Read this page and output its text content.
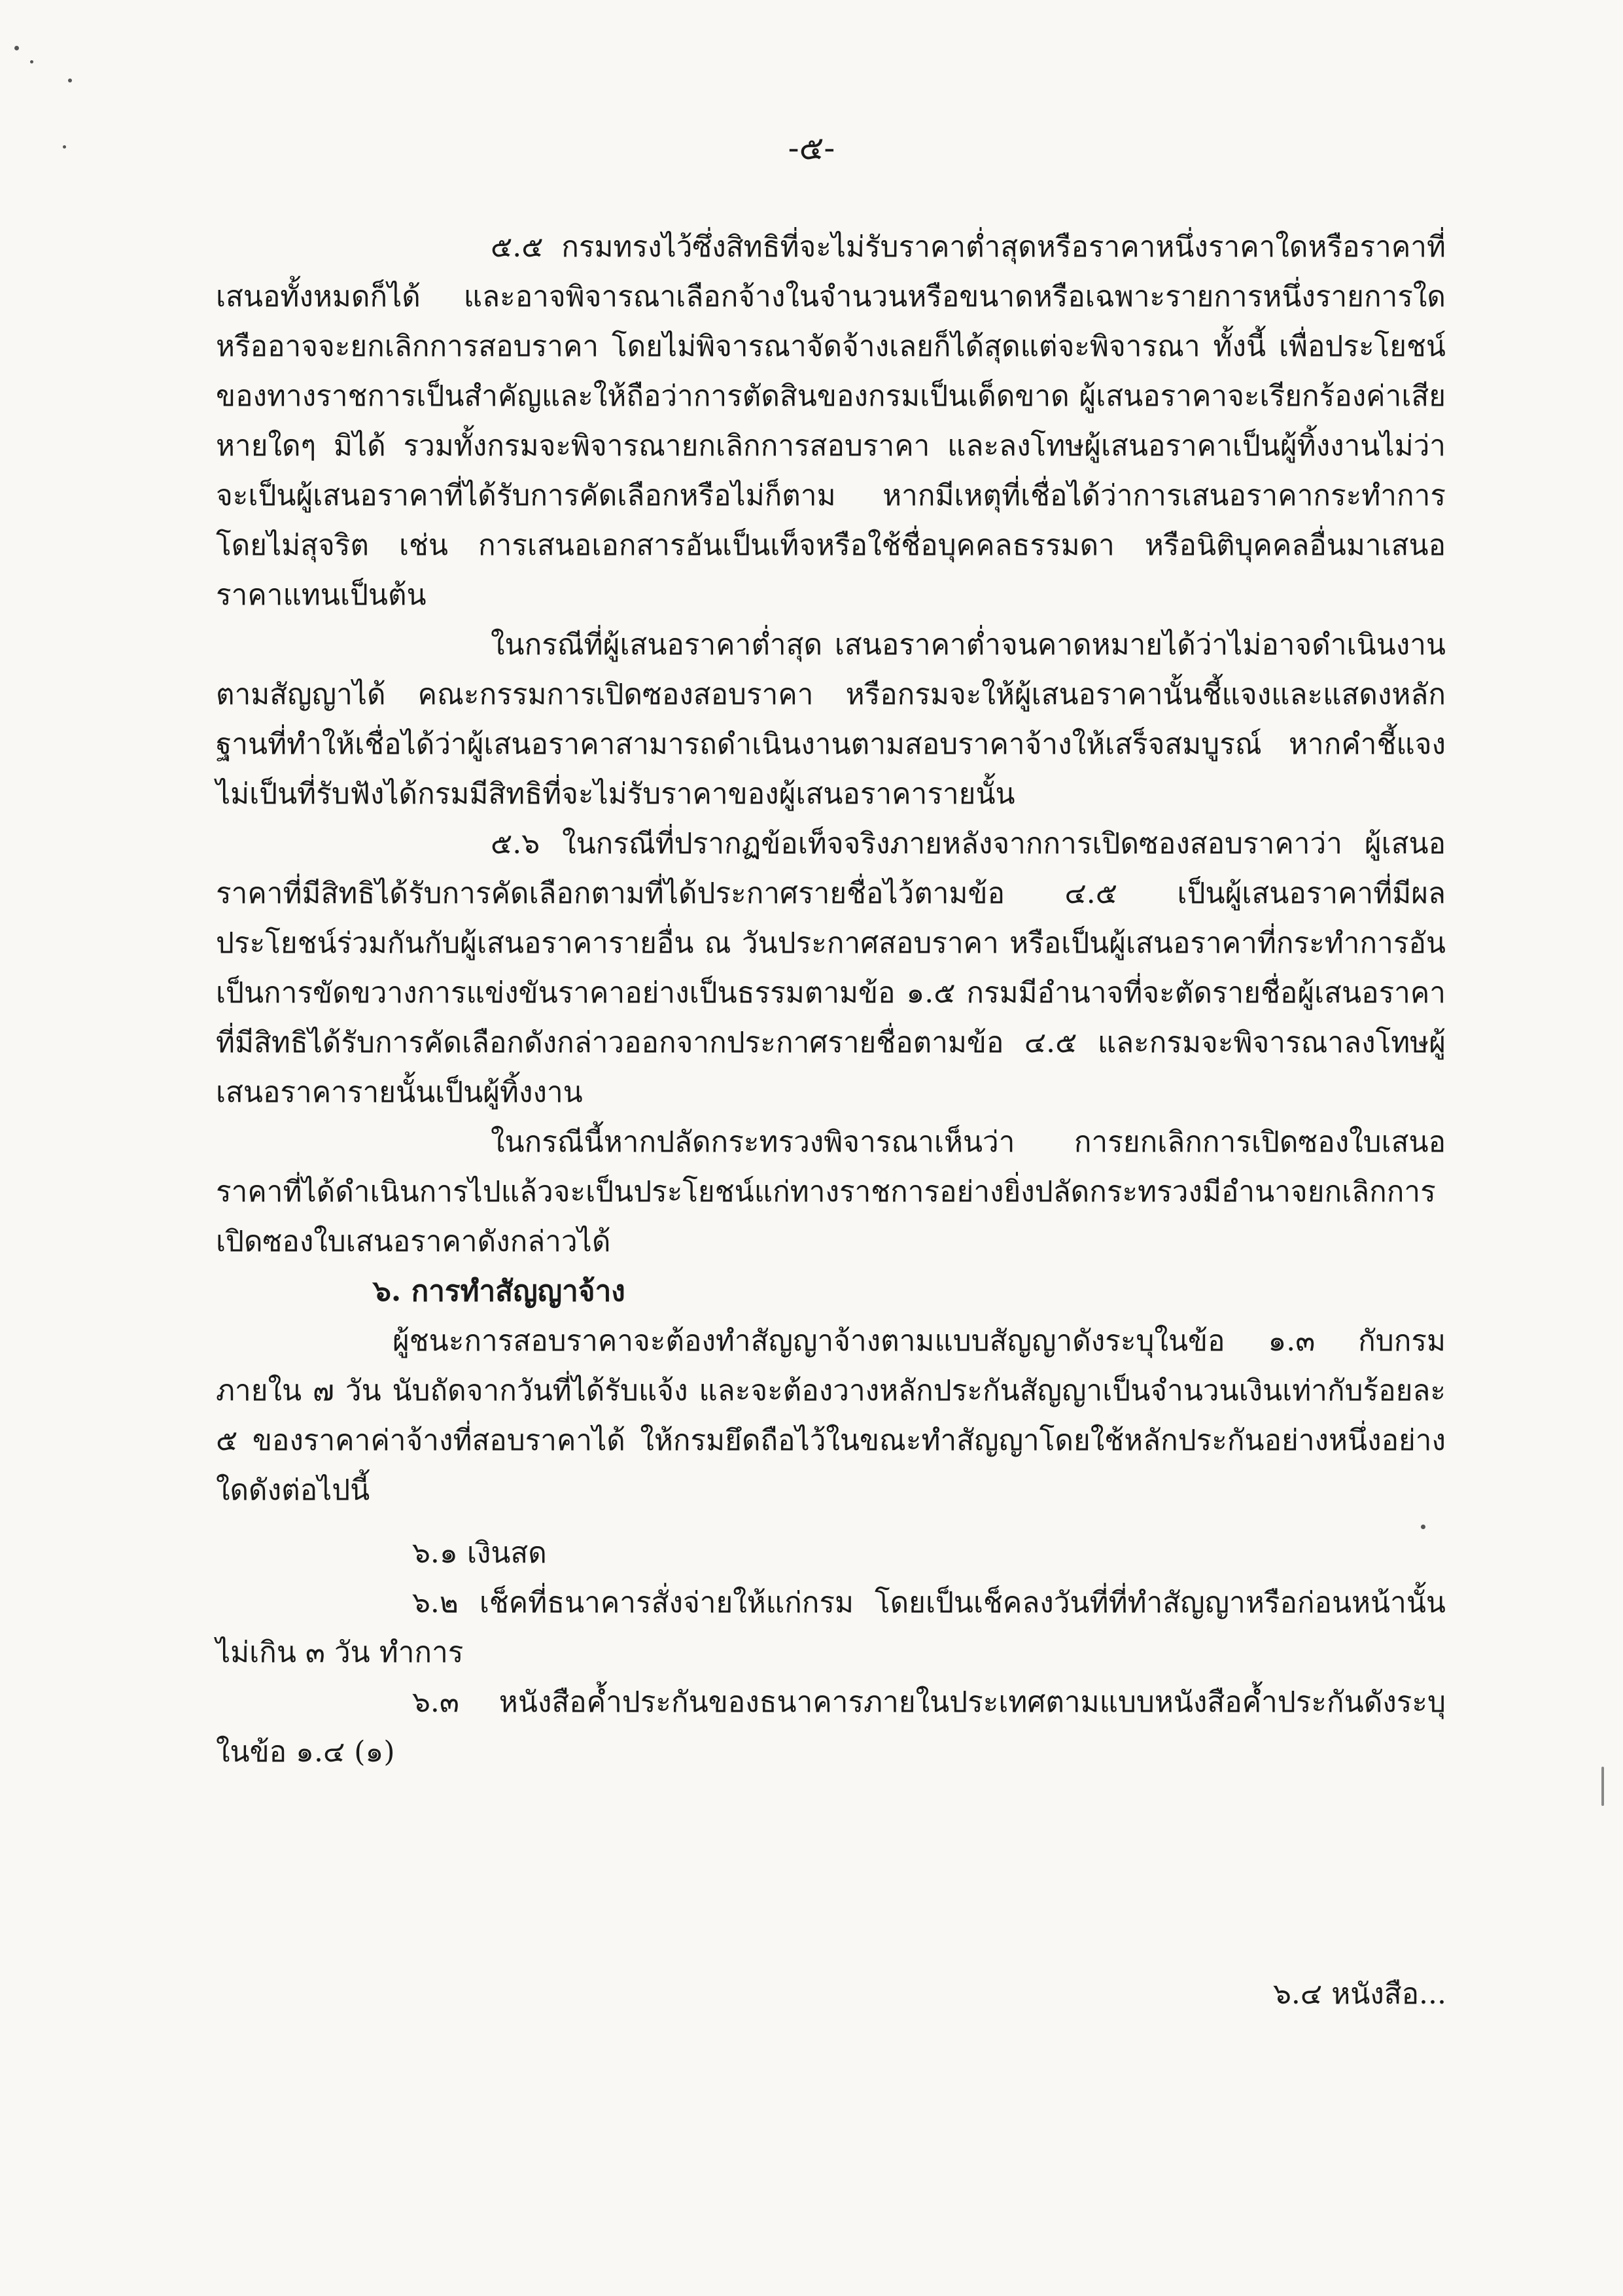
-๕-

๕.๕ กรมทรงไว้ซึ่งสิทธิที่จะไม่รับราคาต่ำสุดหรือราคาหนึ่งราคาใดหรือราคาที่เสนอทั้งหมดก็ได้ และอาจพิจารณาเลือกจ้างในจำนวนหรือขนาดหรือเฉพาะรายการหนึ่งรายการใด หรืออาจจะยกเลิกการสอบราคา โดยไม่พิจารณาจัดจ้างเลยก็ได้สุดแต่จะพิจารณา ทั้งนี้ เพื่อประโยชน์ของทางราชการเป็นสำคัญและให้ถือว่าการตัดสินของกรมเป็นเด็ดขาด ผู้เสนอราคาจะเรียกร้องค่าเสียหายใดๆ มิได้ รวมทั้งกรมจะพิจารณายกเลิกการสอบราคา และลงโทษผู้เสนอราคาเป็นผู้ทิ้งงานไม่ว่าจะเป็นผู้เสนอราคาที่ได้รับการคัดเลือกหรือไม่ก็ตาม หากมีเหตุที่เชื่อได้ว่าการเสนอราคากระทำการโดยไม่สุจริต เช่น การเสนอเอกสารอันเป็นเท็จหรือใช้ชื่อบุคคลธรรมดา หรือนิติบุคคลอื่นมาเสนอราคาแทนเป็นต้น

ในกรณีที่ผู้เสนอราคาต่ำสุด เสนอราคาต่ำจนคาดหมายได้ว่าไม่อาจดำเนินงานตามสัญญาได้ คณะกรรมการเปิดซองสอบราคา หรือกรมจะให้ผู้เสนอราคานั้นชี้แจงและแสดงหลักฐานที่ทำให้เชื่อได้ว่าผู้เสนอราคาสามารถดำเนินงานตามสอบราคาจ้างให้เสร็จสมบูรณ์ หากคำชี้แจงไม่เป็นที่รับฟังได้กรมมีสิทธิที่จะไม่รับราคาของผู้เสนอราคารายนั้น

๕.๖ ในกรณีที่ปรากฏข้อเท็จจริงภายหลังจากการเปิดซองสอบราคาว่า ผู้เสนอราคาที่มีสิทธิได้รับการคัดเลือกตามที่ได้ประกาศรายชื่อไว้ตามข้อ ๔.๕ เป็นผู้เสนอราคาที่มีผลประโยชน์ร่วมกันกับผู้เสนอราคารายอื่น ณ วันประกาศสอบราคา หรือเป็นผู้เสนอราคาที่กระทำการอันเป็นการขัดขวางการแข่งขันราคาอย่างเป็นธรรมตามข้อ ๑.๕ กรมมีอำนาจที่จะตัดรายชื่อผู้เสนอราคาที่มีสิทธิได้รับการคัดเลือกดังกล่าวออกจากประกาศรายชื่อตามข้อ ๔.๕ และกรมจะพิจารณาลงโทษผู้เสนอราคารายนั้นเป็นผู้ทิ้งงาน

ในกรณีนี้หากปลัดกระทรวงพิจารณาเห็นว่า การยกเลิกการเปิดซองใบเสนอราคาที่ได้ดำเนินการไปแล้วจะเป็นประโยชน์แก่ทางราชการอย่างยิ่งปลัดกระทรวงมีอำนาจยกเลิกการเปิดซองใบเสนอราคาดังกล่าวได้

๖. การทำสัญญาจ้าง

ผู้ชนะการสอบราคาจะต้องทำสัญญาจ้างตามแบบสัญญาดังระบุในข้อ ๑.๓ กับกรมภายใน ๗ วัน นับถัดจากวันที่ได้รับแจ้ง และจะต้องวางหลักประกันสัญญาเป็นจำนวนเงินเท่ากับร้อยละ ๕ ของราคาค่าจ้างที่สอบราคาได้ ให้กรมยึดถือไว้ในขณะทำสัญญาโดยใช้หลักประกันอย่างหนึ่งอย่างใดดังต่อไปนี้

๖.๑ เงินสด

๖.๒ เช็คที่ธนาคารสั่งจ่ายให้แก่กรม โดยเป็นเช็คลงวันที่ที่ทำสัญญาหรือก่อนหน้านั้นไม่เกิน ๓ วัน ทำการ

๖.๓ หนังสือค้ำประกันของธนาคารภายในประเทศตามแบบหนังสือค้ำประกันดังระบุในข้อ ๑.๔ (๑)

๖.๔ หนังสือ...
